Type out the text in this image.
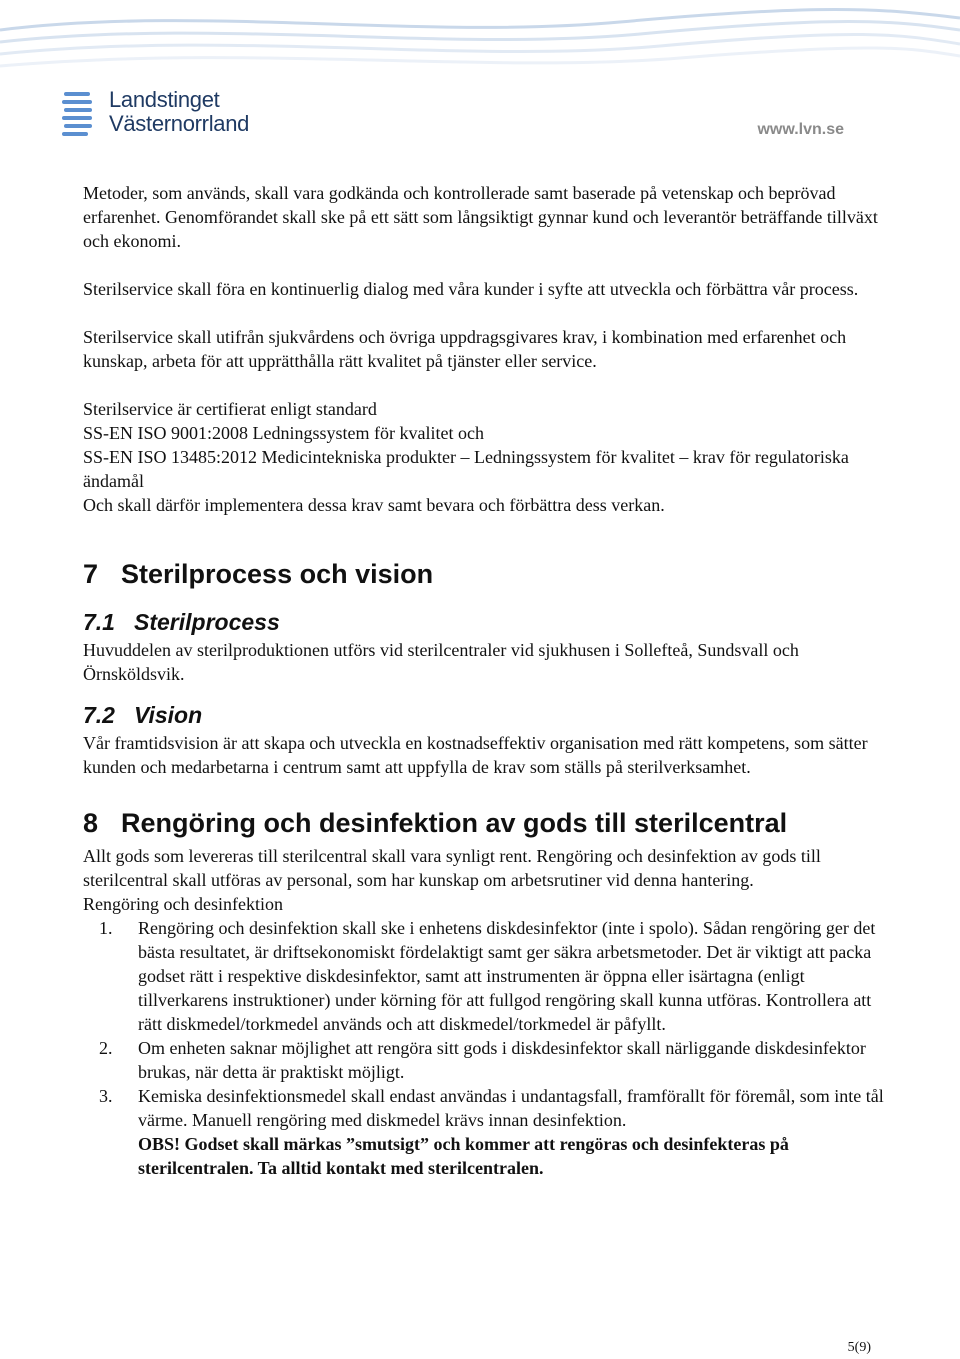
Landstinget
Västernorrland	www.lvn.se

Metoder, som används, skall vara godkända och kontrollerade samt baserade på vetenskap och beprövad erfarenhet. Genomförandet skall ske på ett sätt som långsiktigt gynnar kund och leverantör beträffande tillväxt och ekonomi.

Sterilservice skall föra en kontinuerlig dialog med våra kunder i syfte att utveckla och förbättra vår process.

Sterilservice skall utifrån sjukvårdens och övriga uppdragsgivares krav, i kombination med erfarenhet och kunskap, arbeta för att upprätthålla rätt kvalitet på tjänster eller service.

Sterilservice är certifierat enligt standard

SS-EN ISO 9001:2008 Ledningssystem för kvalitet och

SS-EN ISO 13485:2012 Medicintekniska produkter – Ledningssystem för kvalitet – krav för regulatoriska ändamål

Och skall därför implementera dessa krav samt bevara och förbättra dess verkan.

7 Sterilprocess och vision
7.1 Sterilprocess

Huvuddelen av sterilproduktionen utförs vid sterilcentraler vid sjukhusen i Sollefteå, Sundsvall och Örnsköldsvik.

7.2 Vision

Vår framtidsvision är att skapa och utveckla en kostnadseffektiv organisation med rätt kompetens, som sätter kunden och medarbetarna i centrum samt att uppfylla de krav som ställs på sterilverksamhet.

8 Rengöring och desinfektion av gods till sterilcentral

Allt gods som levereras till sterilcentral skall vara synligt rent. Rengöring och desinfektion av gods till sterilcentral skall utföras av personal, som har kunskap om arbetsrutiner vid denna hantering.

Rengöring och desinfektion

1.	Rengöring och desinfektion skall ske i enhetens diskdesinfektor (inte i spolo). Sådan rengöring ger det bästa resultatet, är driftsekonomiskt fördelaktigt samt ger säkra arbetsmetoder. Det är viktigt att packa godset rätt i respektive diskdesinfektor, samt att instrumenten är öppna eller isärtagna (enligt tillverkarens instruktioner) under körning för att fullgod rengöring skall kunna utföras. Kontrollera att rätt diskmedel/torkmedel används och att diskmedel/torkmedel är påfyllt.
2.	Om enheten saknar möjlighet att rengöra sitt gods i diskdesinfektor skall närliggande diskdesinfektor brukas, när detta är praktiskt möjligt.
3.	Kemiska desinfektionsmedel skall endast användas i undantagsfall, framförallt för föremål, som inte tål värme. Manuell rengöring med diskmedel krävs innan desinfektion.
OBS! Godset skall märkas ”smutsigt” och kommer att rengöras och desinfekteras på sterilcentralen. Ta alltid kontakt med sterilcentralen.
5(9)
